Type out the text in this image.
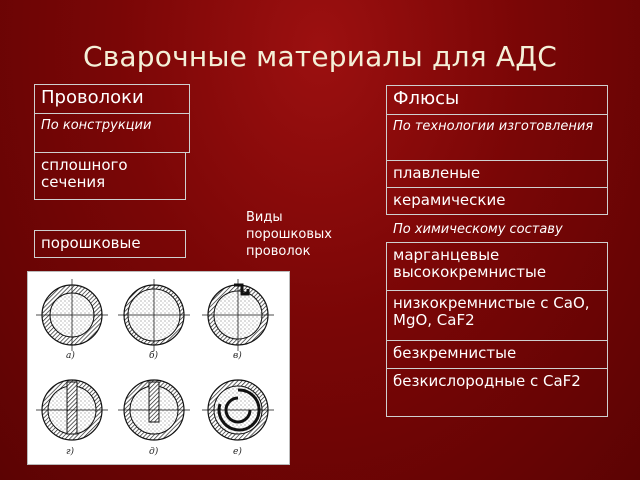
Сварочные материалы для АДС
Проволоки
По конструкции
сплошного сечения
порошковые
Виды порошковых проволок
а)	б)	в)
г)	д)	е)
Флюсы
По технологии изготовления
плавленые
керамические
По химическому составу
марганцевые высококремнистые
низкокремнистые с CaO, MgO, CaF2
безкремнистые
безкислородные с CaF2
